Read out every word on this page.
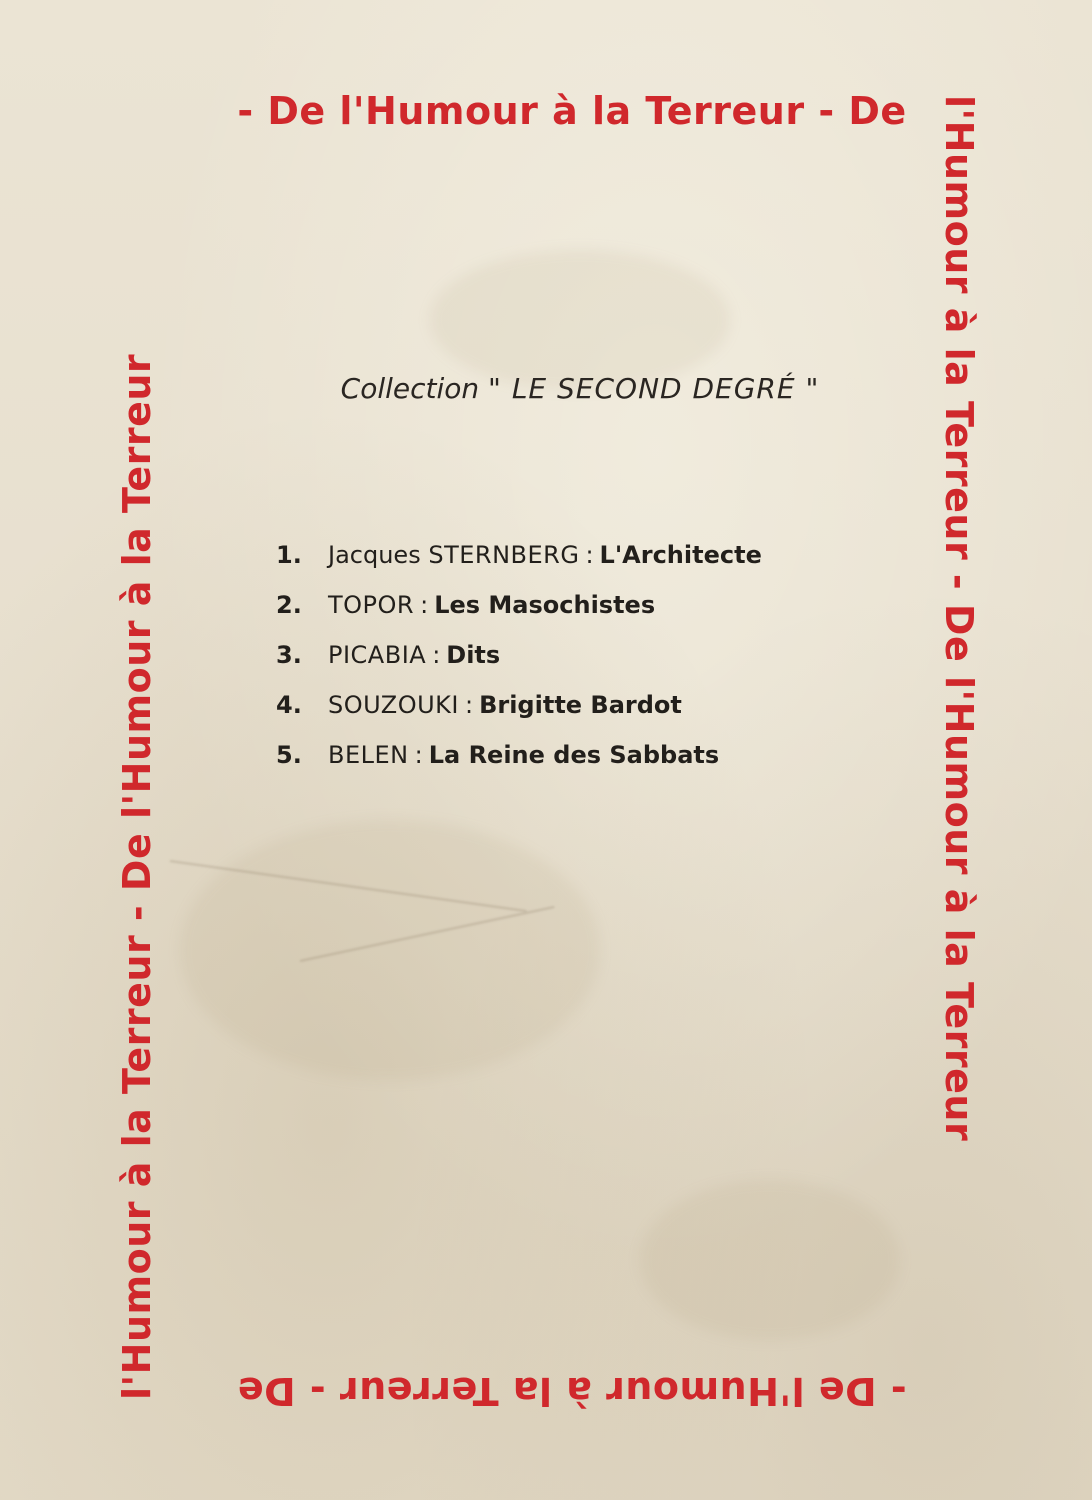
- De l'Humour à la Terreur - De l'Humour à la Terreur - De l'Humour à la Terreur
- De l'Humour à la Terreur - De
l'Humour à la Terreur - De l'Humour à la Terreur	Collection " LE SECOND DEGRÉ "
1. Jacques STERNBERG : L'Architecte
2. TOPOR : Les Masochistes
3. PICABIA : Dits
4. SOUZOUKI : Brigitte Bardot
5. BELEN : La Reine des Sabbats
